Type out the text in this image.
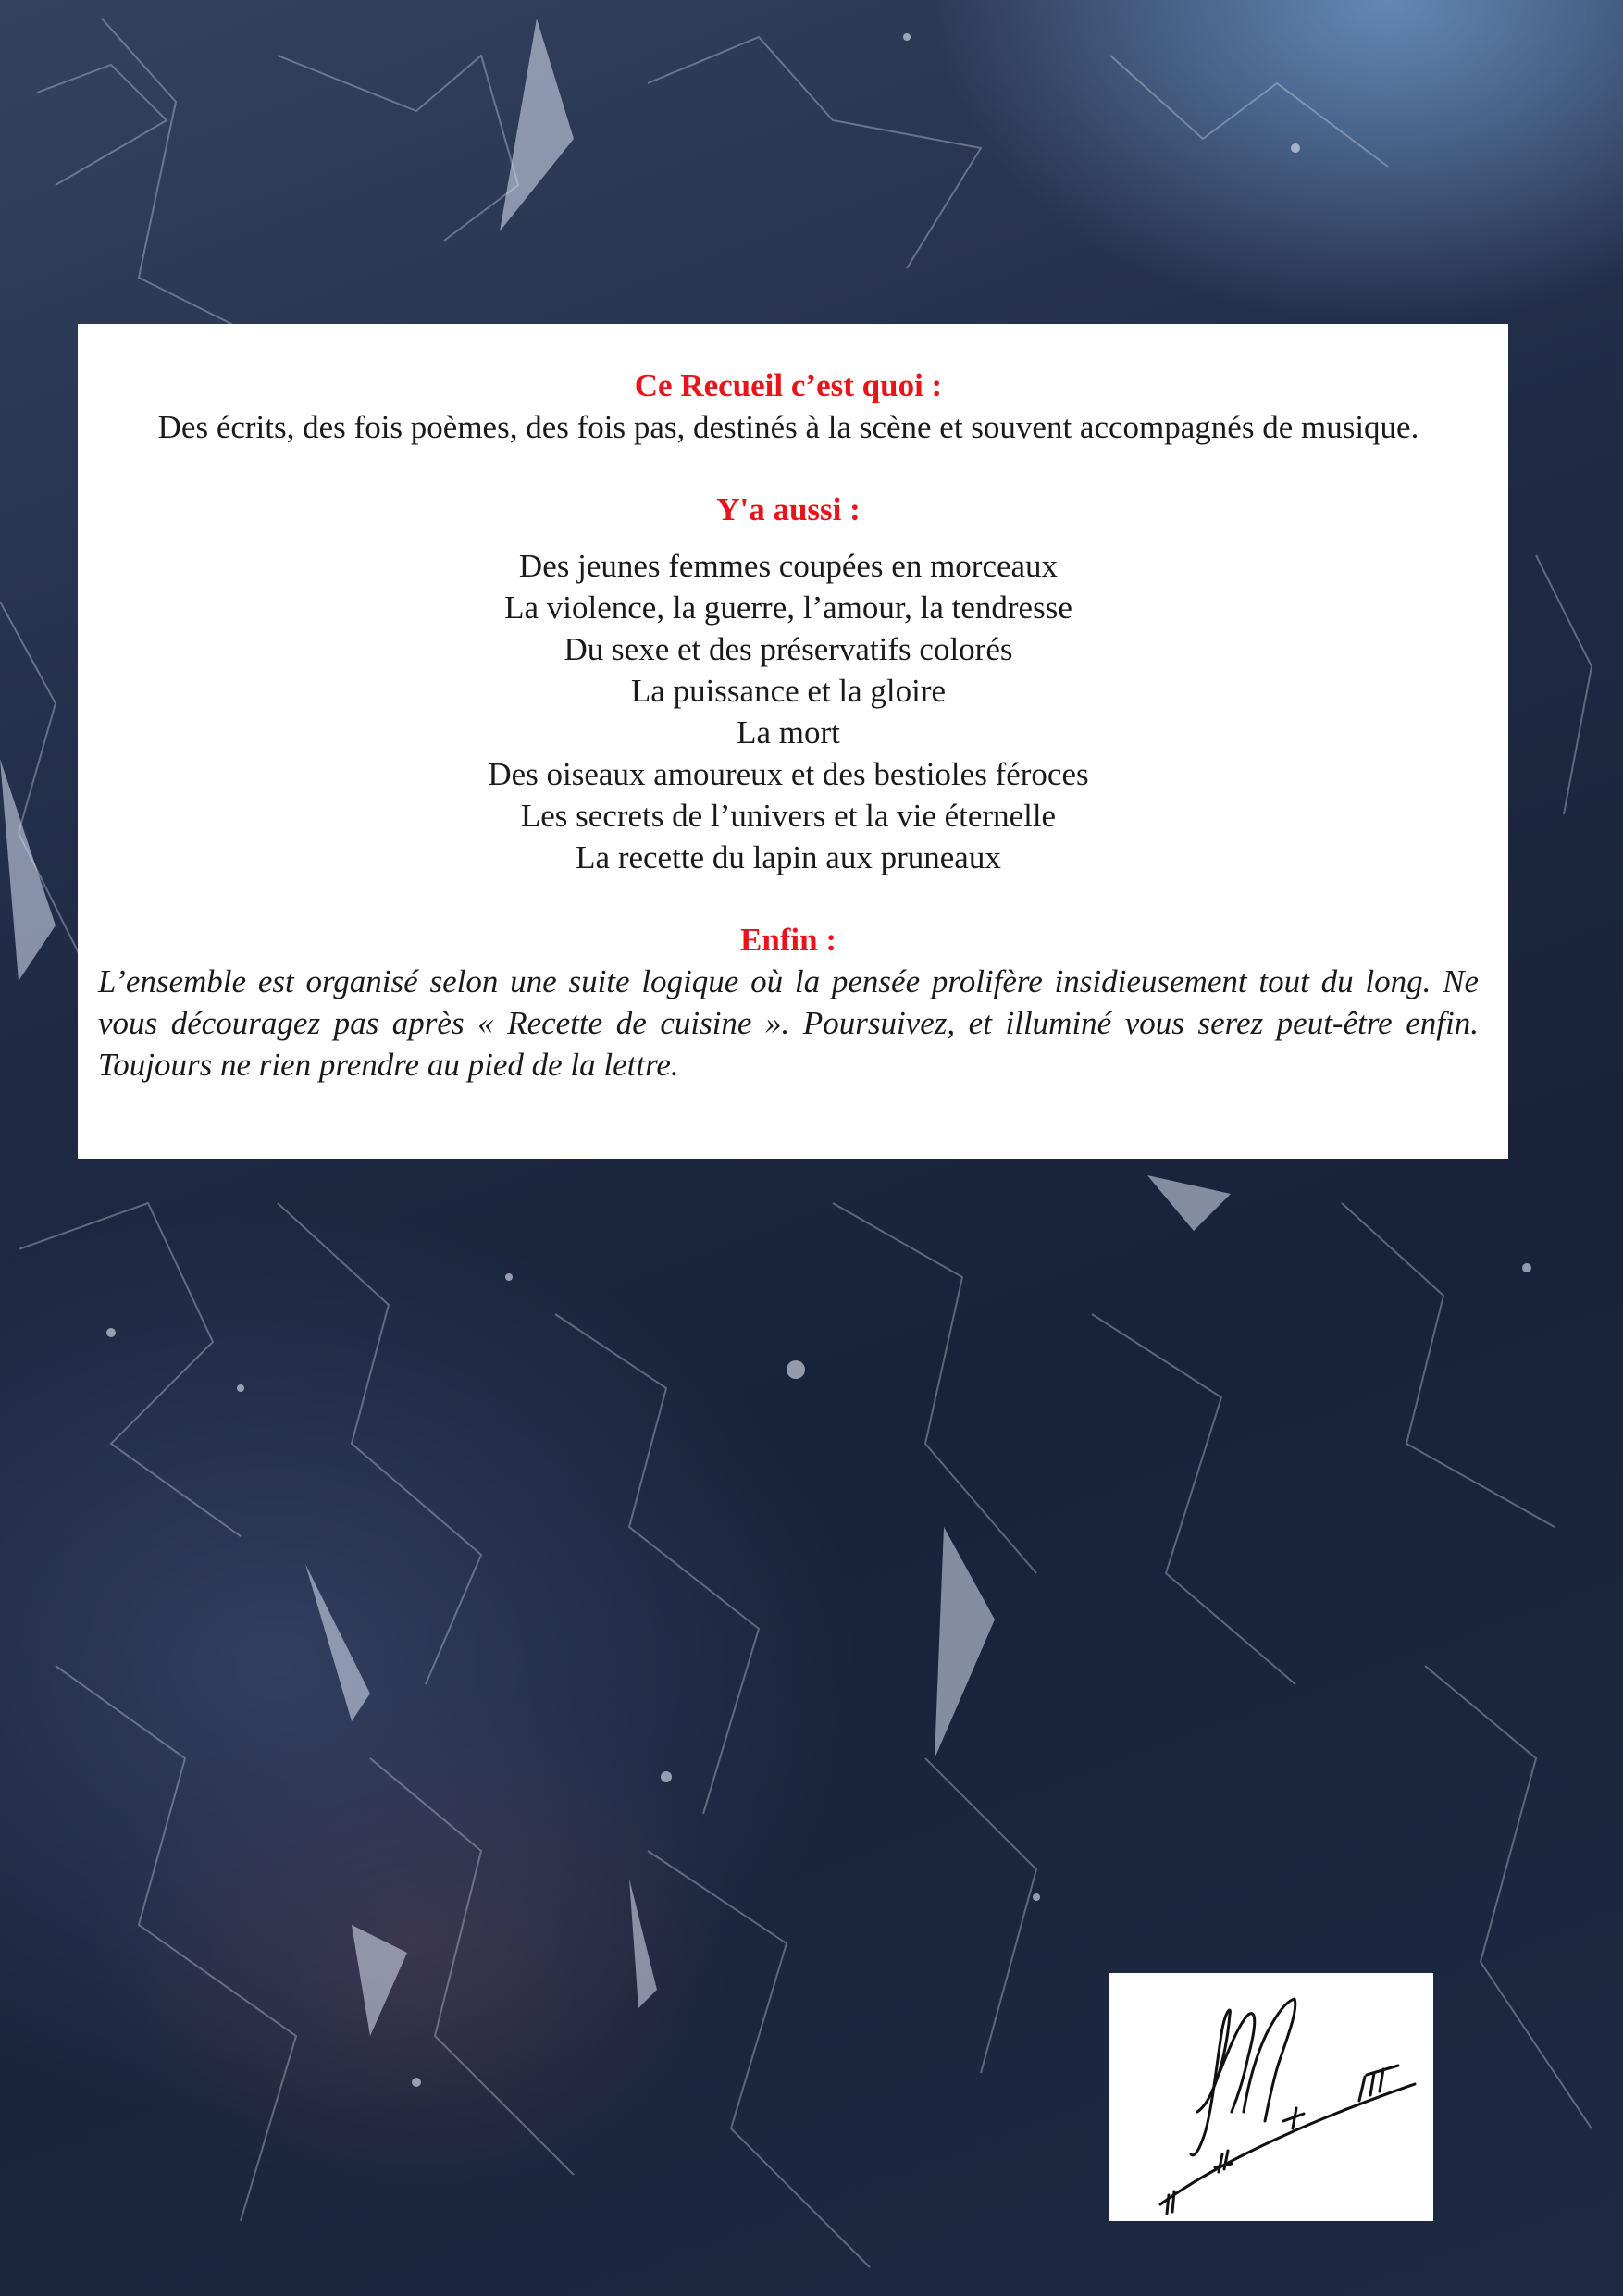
Ce Recueil c’est quoi :

Des écrits, des fois poèmes, des fois pas, destinés à la scène et souvent accompagnés de musique.

Y'a aussi :

Des jeunes femmes coupées en morceaux
La violence, la guerre, l’amour, la tendresse
Du sexe et des préservatifs colorés
La puissance et la gloire
La mort
Des oiseaux amoureux et des bestioles féroces
Les secrets de l’univers et la vie éternelle
La recette du lapin aux pruneaux

Enfin :

L’ensemble est organisé selon une suite logique où la pensée prolifère insidieusement tout du long. Ne vous découragez pas après « Recette de cuisine ». Poursuivez, et illuminé vous serez peut-être enfin. Toujours ne rien prendre au pied de la lettre.
